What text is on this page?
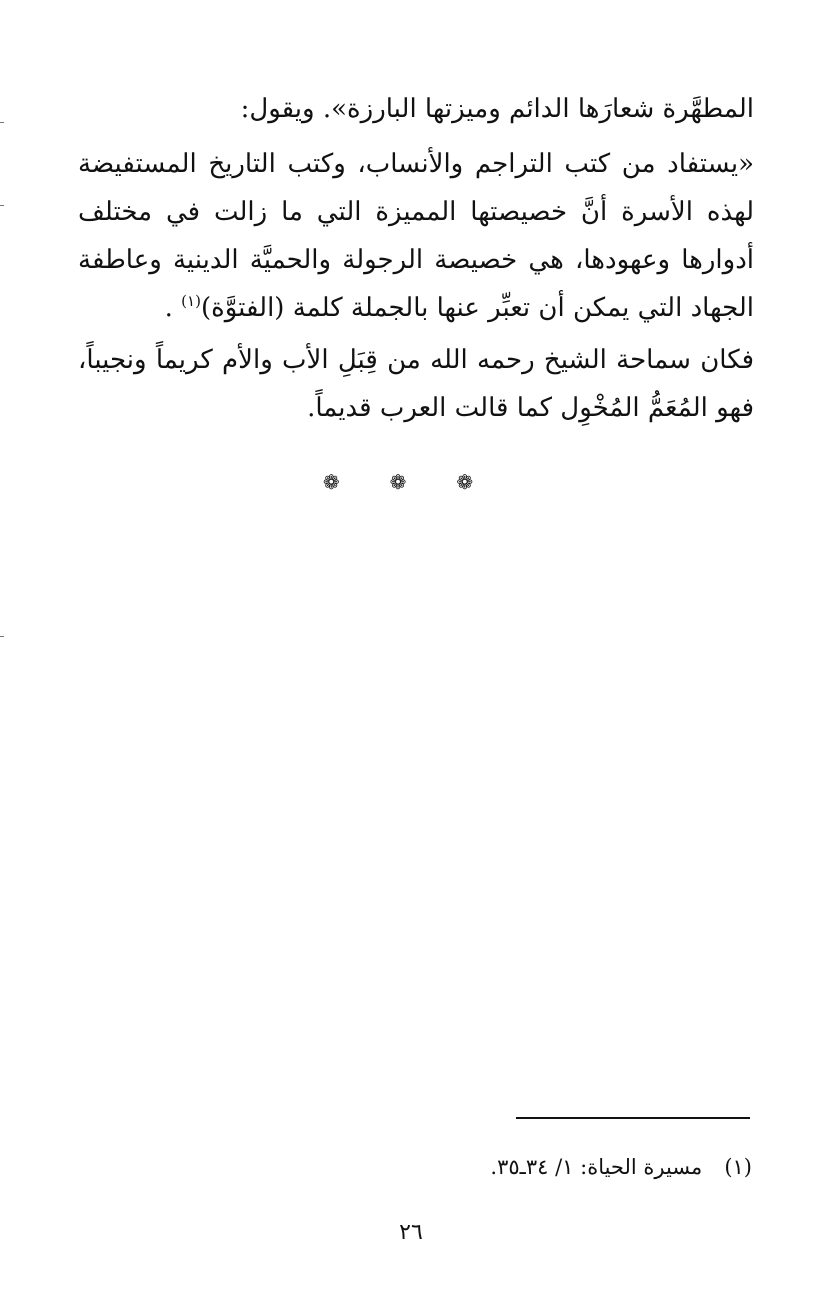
المطهَّرة شعارَها الدائم وميزتها البارزة». ويقول:

«يستفاد من كتب التراجم والأنساب، وكتب التاريخ المستفيضة لهذه الأسرة أنَّ خصيصتها المميزة التي ما زالت في مختلف أدوارها وعهودها، هي خصيصة الرجولة والحميَّة الدينية وعاطفة الجهاد التي يمكن أن تعبِّر عنها بالجملة كلمة (الفتوَّة)$^{(١)}$ .

فكان سماحة الشيخ رحمه الله من قِبَلِ الأب والأم كريماً ونجيباً، فهو المُعَمُّ المُخْوِل كما قالت العرب قديماً.

❁ ❁ ❁
(١)مسيرة الحياة: ١/ ٣٤ـ٣٥.
٢٦
